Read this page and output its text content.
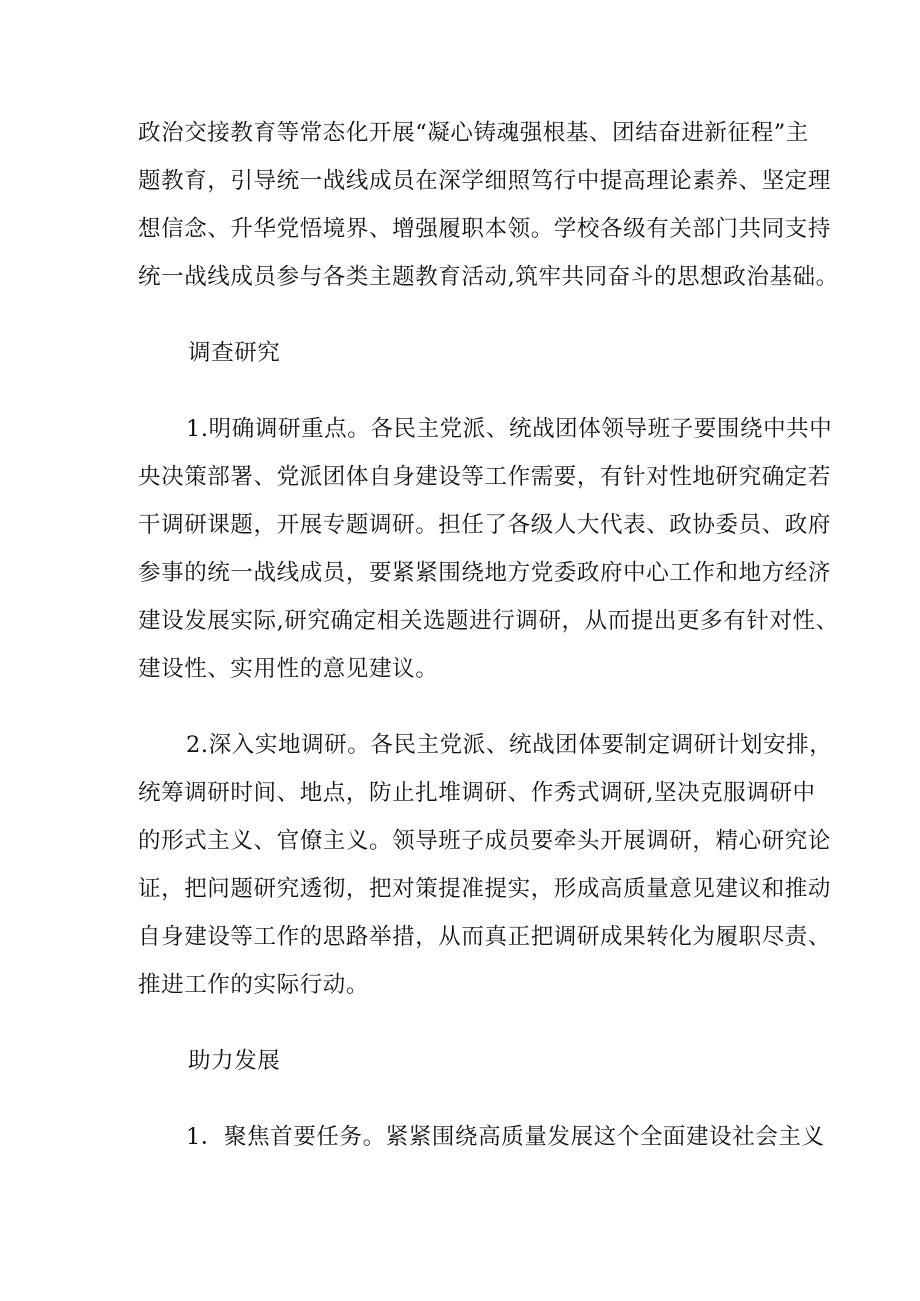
政治交接教育等常态化开展“凝心铸魂强根基、团结奋进新征程”主
题教育，引导统一战线成员在深学细照笃行中提高理论素养、坚定理
想信念、升华党悟境界、增强履职本领。学校各级有关部门共同支持
统一战线成员参与各类主题教育活动,筑牢共同奋斗的思想政治基础。
调查研究
1.明确调研重点。各民主党派、统战团体领导班子要围绕中共中
央决策部署、党派团体自身建设等工作需要，有针对性地研究确定若
干调研课题，开展专题调研。担任了各级人大代表、政协委员、政府
参事的统一战线成员，要紧紧围绕地方党委政府中心工作和地方经济
建设发展实际,研究确定相关选题进行调研，从而提出更多有针对性、
建设性、实用性的意见建议。
2.深入实地调研。各民主党派、统战团体要制定调研计划安排，
统筹调研时间、地点，防止扎堆调研、作秀式调研,坚决克服调研中
的形式主义、官僚主义。领导班子成员要牵头开展调研，精心研究论
证，把问题研究透彻，把对策提准提实，形成高质量意见建议和推动
自身建设等工作的思路举措，从而真正把调研成果转化为履职尽责、
推进工作的实际行动。
助力发展
1．聚焦首要任务。紧紧围绕高质量发展这个全面建设社会主义
